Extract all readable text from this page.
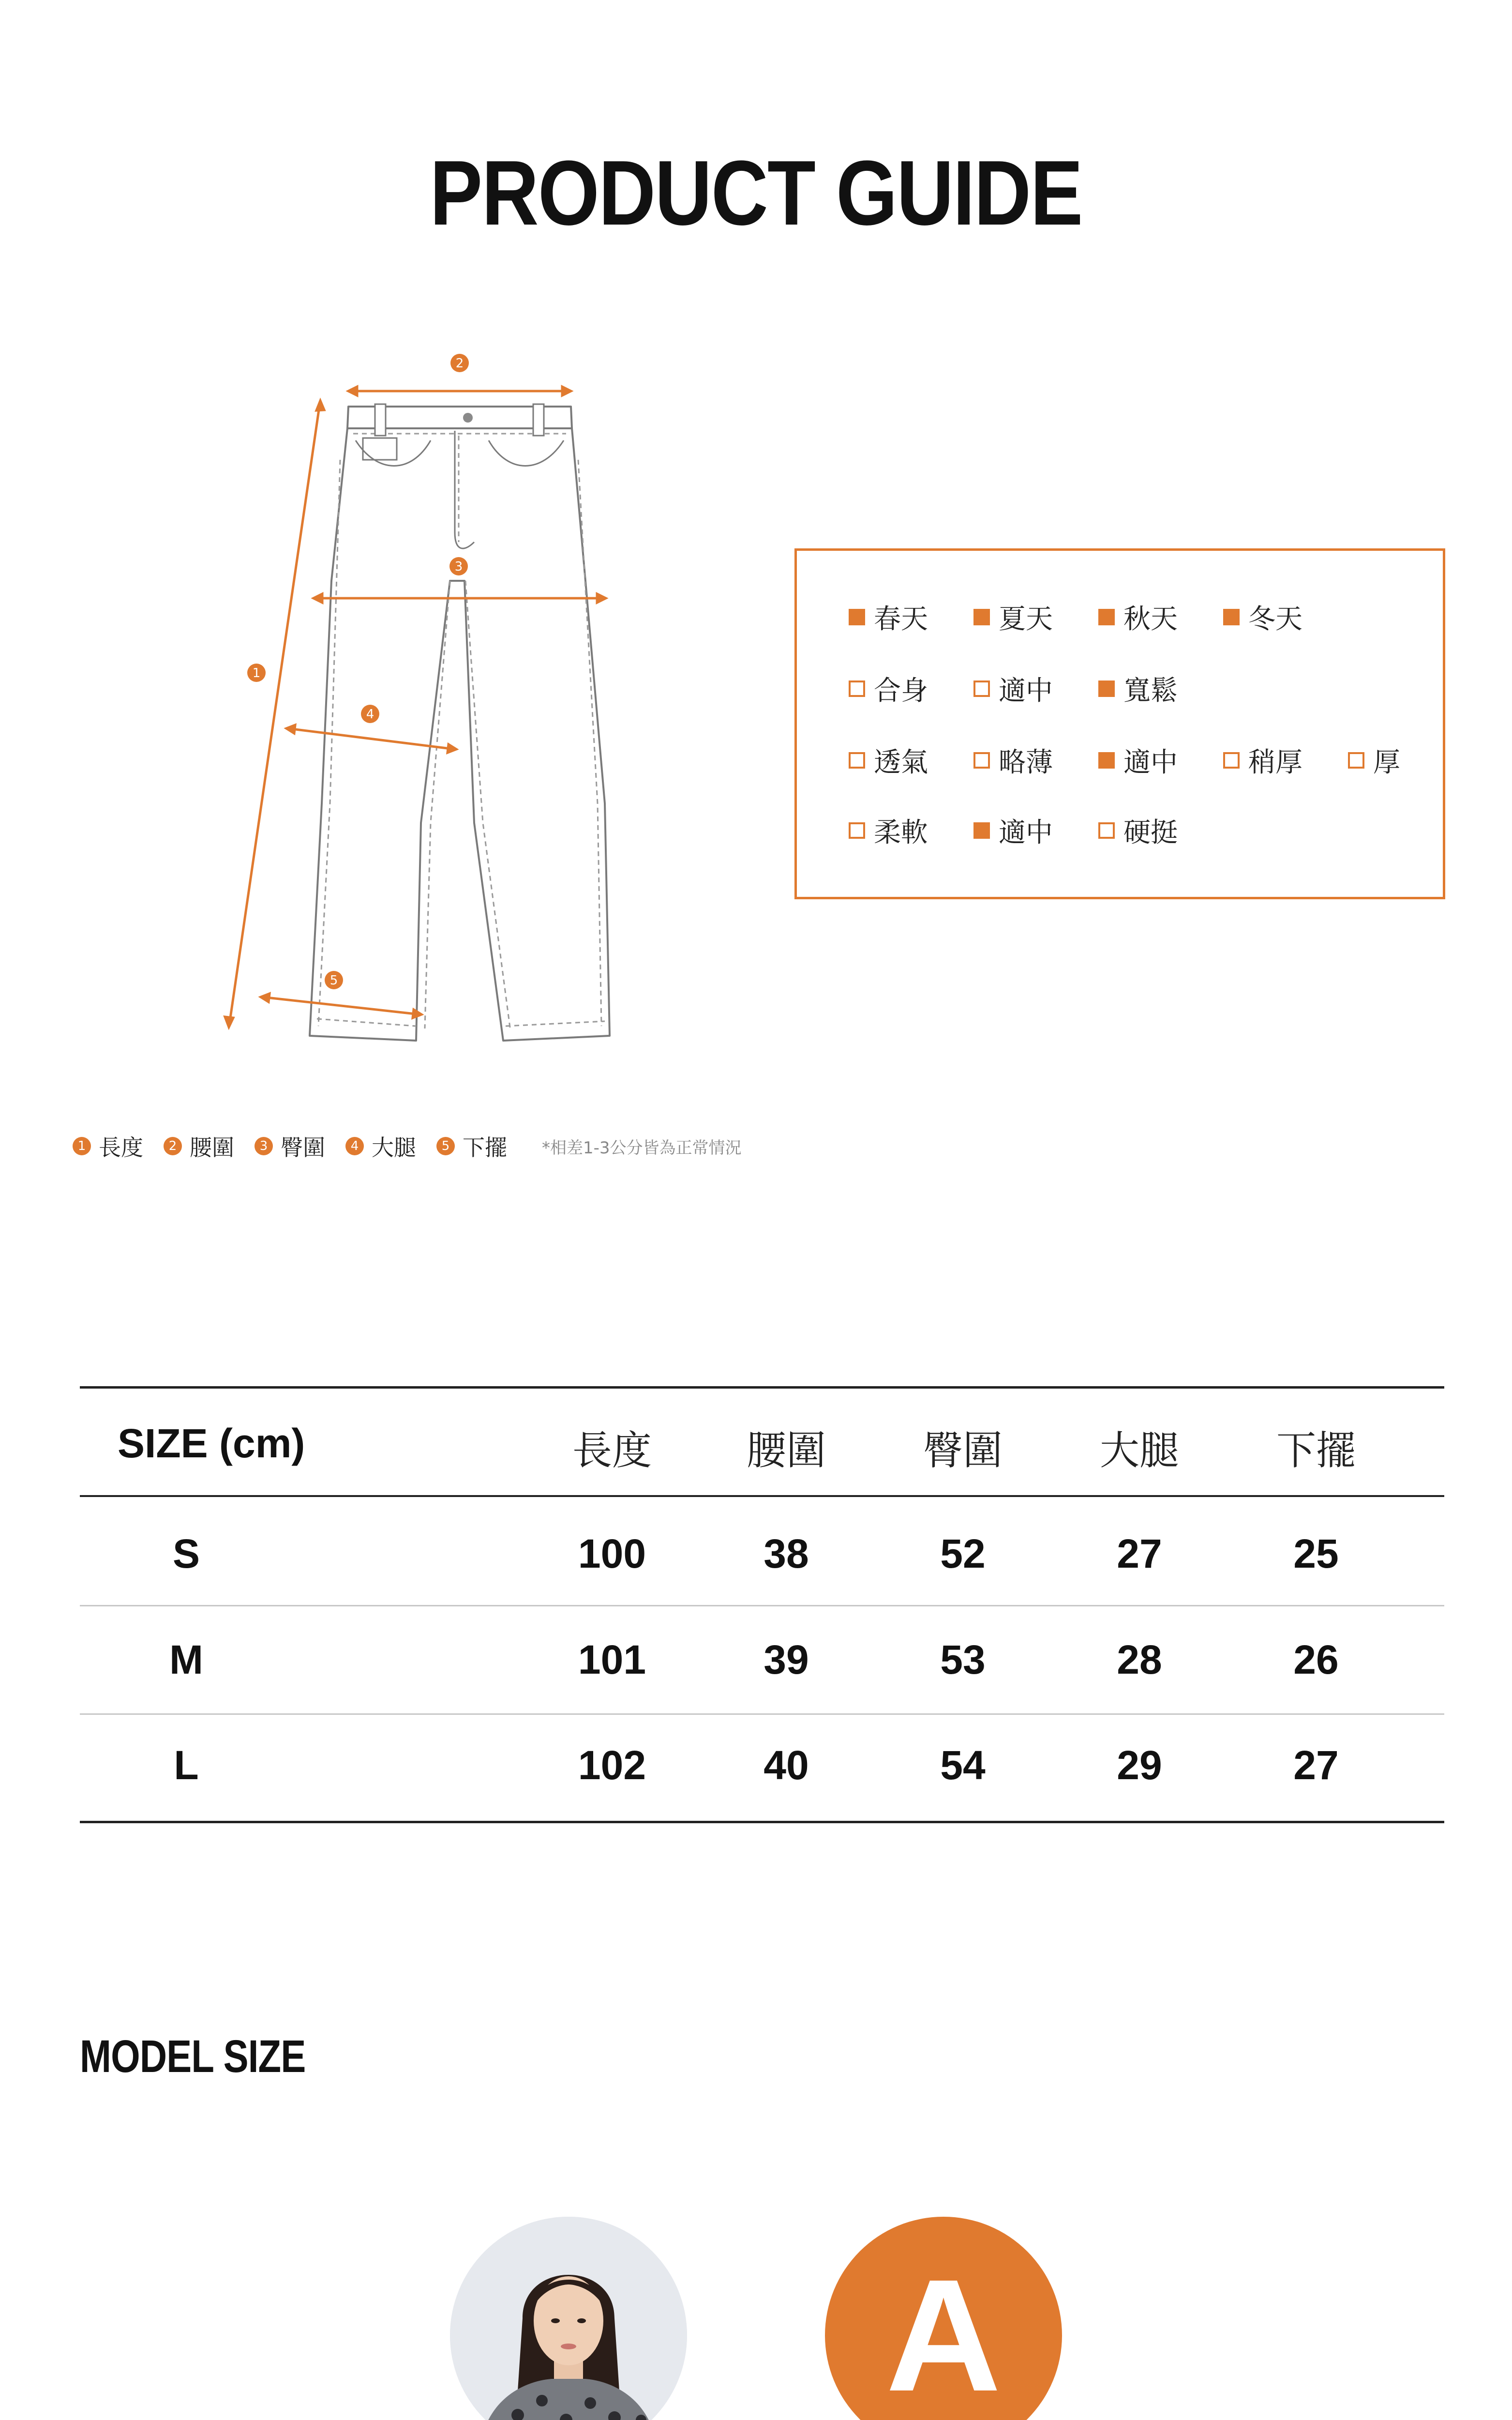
PRODUCT GUIDE
2
1
3
4
5
春天	夏天	秋天	冬天
合身	適中	寬鬆
透氣	略薄	適中	稍厚	厚
柔軟	適中	硬挺
1 長度	2 腰圍	3 臀圍	4 大腿	5 下擺 *相差1-3公分皆為正常情況
SIZE (cm)	長度	腰圍	臀圍	大腿	下擺
S	100	38	52	27	25
M	101	39	53	28	26
L	102	40	54	29	27
MODEL SIZE
A
